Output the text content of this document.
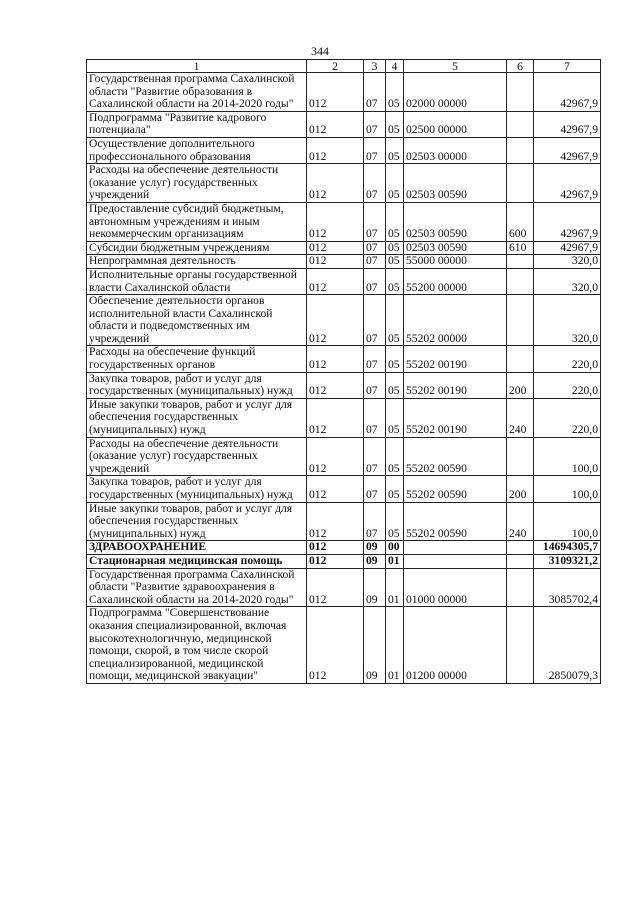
344
1	2	3	4	5	6	7
Государственная программа Сахалинской области "Развитие образования в Сахалинской области на 2014-2020 годы"	012	07	05	02000 00000		42967,9
Подпрограмма "Развитие кадрового потенциала"	012	07	05	02500 00000		42967,9
Осуществление дополнительного профессионального образования	012	07	05	02503 00000		42967,9
Расходы на обеспечение деятельности (оказание услуг) государственных учреждений	012	07	05	02503 00590		42967,9
Предоставление субсидий бюджетным, автономным учреждениям и иным некоммерческим организациям	012	07	05	02503 00590	600	42967,9
Субсидии бюджетным учреждениям	012	07	05	02503 00590	610	42967,9
Непрограммная деятельность	012	07	05	55000 00000		320,0
Исполнительные органы государственной власти Сахалинской области	012	07	05	55200 00000		320,0
Обеспечение деятельности органов исполнительной власти Сахалинской области и подведомственных им учреждений	012	07	05	55202 00000		320,0
Расходы на обеспечение функций государственных органов	012	07	05	55202 00190		220,0
Закупка товаров, работ и услуг для государственных (муниципальных) нужд	012	07	05	55202 00190	200	220,0
Иные закупки товаров, работ и услуг для обеспечения государственных (муниципальных) нужд	012	07	05	55202 00190	240	220,0
Расходы на обеспечение деятельности (оказание услуг) государственных учреждений	012	07	05	55202 00590		100,0
Закупка товаров, работ и услуг для государственных (муниципальных) нужд	012	07	05	55202 00590	200	100,0
Иные закупки товаров, работ и услуг для обеспечения государственных (муниципальных) нужд	012	07	05	55202 00590	240	100,0
ЗДРАВООХРАНЕНИЕ	012	09	00			14694305,7
Стационарная медицинская помощь	012	09	01			3109321,2
Государственная программа Сахалинской области "Развитие здравоохранения в Сахалинской области на 2014-2020 годы"	012	09	01	01000 00000		3085702,4
Подпрограмма "Совершенствование оказания специализированной, включая высокотехнологичную, медицинской помощи, скорой, в том числе скорой специализированной, медицинской помощи, медицинской эвакуации"	012	09	01	01200 00000		2850079,3
